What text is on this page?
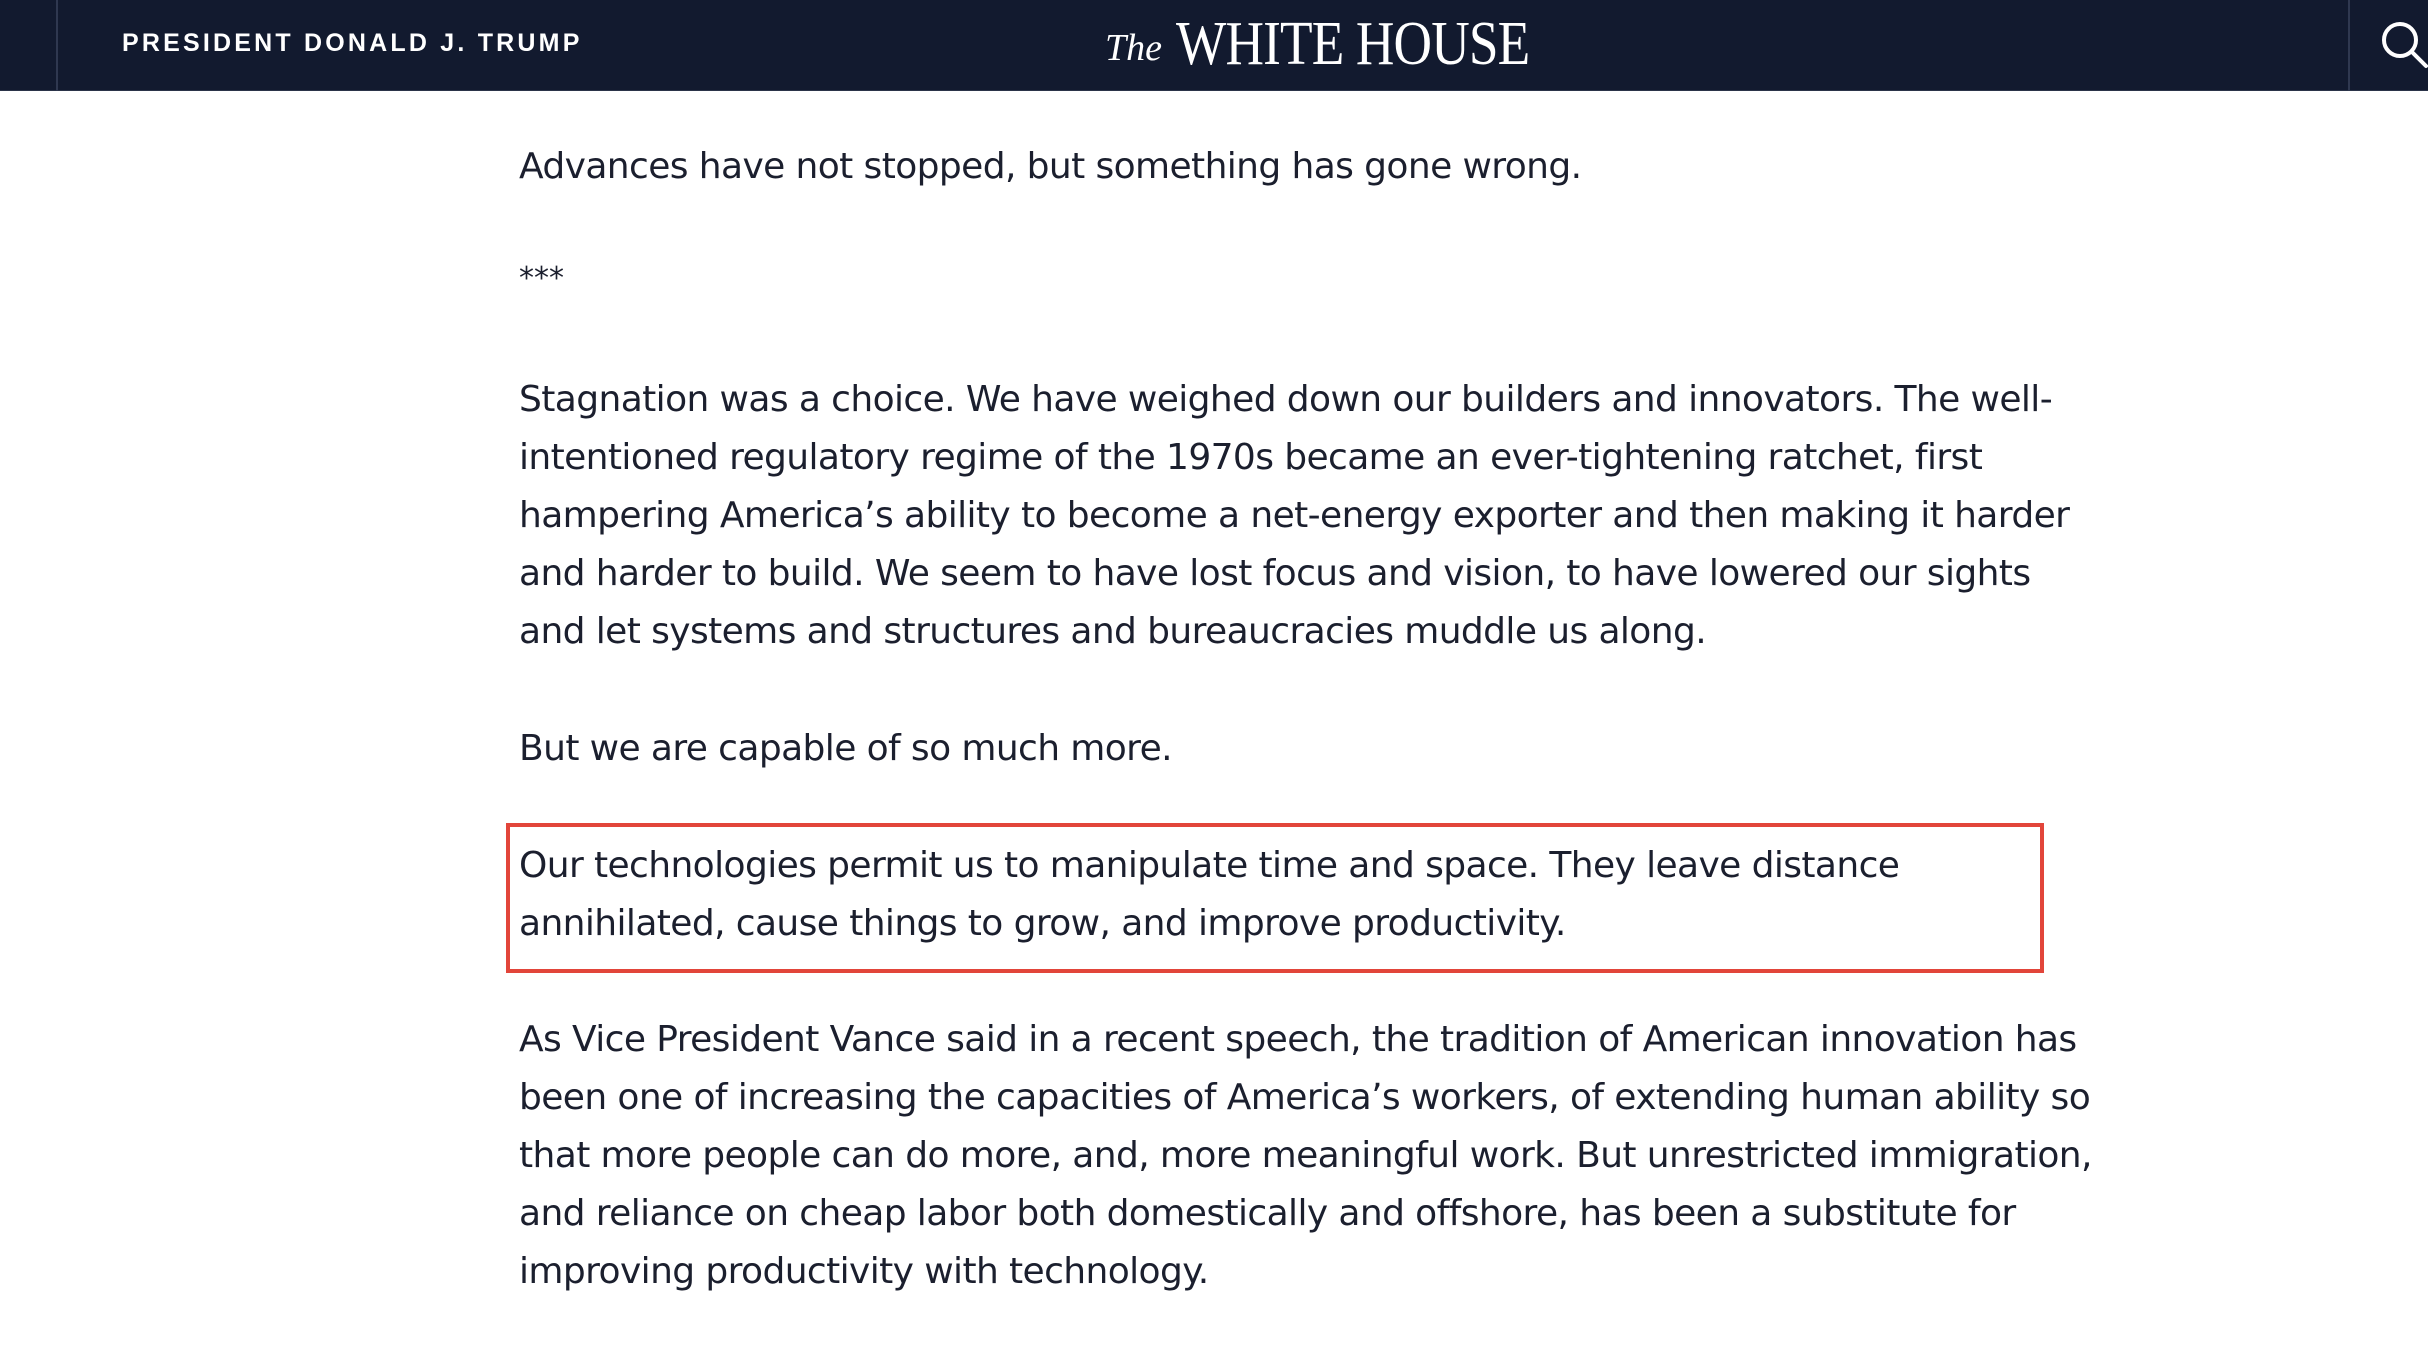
PRESIDENT DONALD J. TRUMP	The WHITE HOUSE

Advances have not stopped, but something has gone wrong.

***

Stagnation was a choice. We have weighed down our builders and innovators. The well-intentioned regulatory regime of the 1970s became an ever-tightening ratchet, first hampering America’s ability to become a net-energy exporter and then making it harder and harder to build. We seem to have lost focus and vision, to have lowered our sights and let systems and structures and bureaucracies muddle us along.

But we are capable of so much more.

Our technologies permit us to manipulate time and space. They leave distance annihilated, cause things to grow, and improve productivity.

As Vice President Vance said in a recent speech, the tradition of American innovation has been one of increasing the capacities of America’s workers, of extending human ability so that more people can do more, and, more meaningful work. But unrestricted immigration, and reliance on cheap labor both domestically and offshore, has been a substitute for improving productivity with technology.
